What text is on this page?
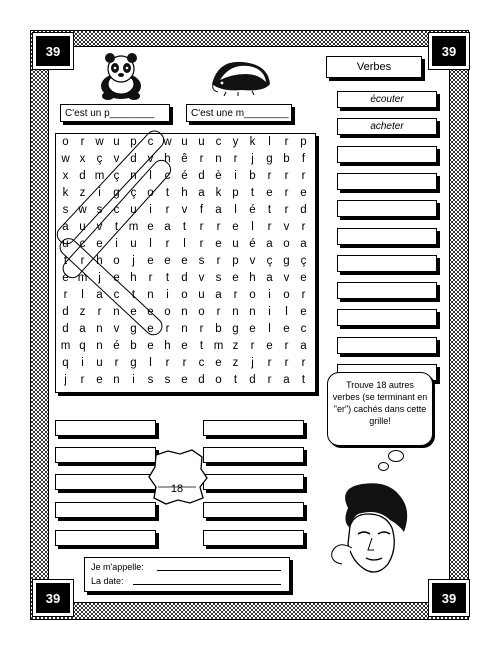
39	39
39	39
C'est un p________	C'est une m________
Verbes
écouter
acheter
o	r w u p c w u u c y k	l	r	p
w x ç v d v h ê	r	n	r	j	g b	f
x d m ç n	l	c é d è	i	b	r	r	r
k z	i	g ç o	t	h a k p	t	e	r	e
s w s c u	i	r	v	f	a	l	é	t	r	d
a u v	t m e a	t	r	r	e	l	r	v	r
u c e	i	u	l	r	l	r	e u é a o a
t	r	h o	j	e e e s	r	p v ç g ç
e m j	e h	r	t	d v s e h a v e
r	l	a c	t	n	i	o u a	r	o	i	o	r
d z	r	n e e o n o	r	n n	i	l	e
d a n v g e	r	n	r	b g e	l	e c
m q n é b e h e	t m z	r	e	r	a
q	i	u	r	g	l	r	r	c e z	j	r	r	r
j	r	e n	i	s s e d o	t	d	r	a	t
18
Trouve 18 autres verbes (se terminant en "er") cachés dans cette grille!
Je m'appelle:
La date:
